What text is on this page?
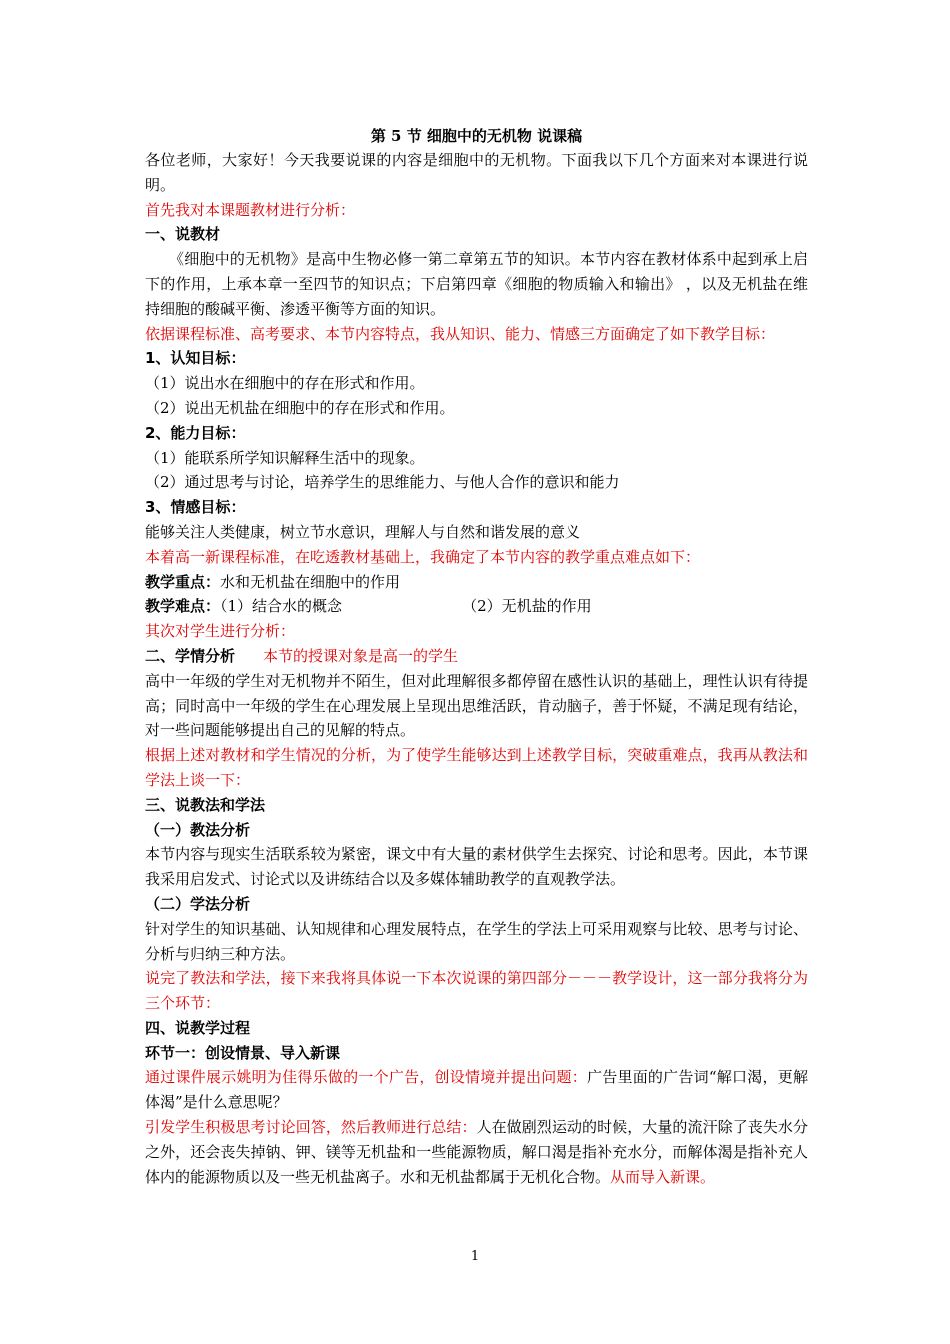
第 5 节 细胞中的无机物 说课稿
各位老师，大家好！今天我要说课的内容是细胞中的无机物。下面我以下几个方面来对本课进行说明。
首先我对本课题教材进行分析：
一、说教材
《细胞中的无机物》是高中生物必修一第二章第五节的知识。本节内容在教材体系中起到承上启下的作用，上承本章一至四节的知识点；下启第四章《细胞的物质输入和输出》 ，以及无机盐在维持细胞的酸碱平衡、渗透平衡等方面的知识。
依据课程标准、高考要求、本节内容特点，我从知识、能力、情感三方面确定了如下教学目标：
1、认知目标：
（1）说出水在细胞中的存在形式和作用。
（2）说出无机盐在细胞中的存在形式和作用。
2、能力目标：
（1）能联系所学知识解释生活中的现象。
（2）通过思考与讨论，培养学生的思维能力、与他人合作的意识和能力
3、情感目标：
能够关注人类健康，树立节水意识，理解人与自然和谐发展的意义
本着高一新课程标准，在吃透教材基础上，我确定了本节内容的教学重点难点如下：
教学重点：水和无机盐在细胞中的作用
教学难点：（1）结合水的概念	（2）无机盐的作用
其次对学生进行分析：
二、学情分析 本节的授课对象是高一的学生
高中一年级的学生对无机物并不陌生，但对此理解很多都停留在感性认识的基础上，理性认识有待提高；同时高中一年级的学生在心理发展上呈现出思维活跃，肯动脑子，善于怀疑，不满足现有结论，对一些问题能够提出自己的见解的特点。
根据上述对教材和学生情况的分析，为了使学生能够达到上述教学目标，突破重难点，我再从教法和学法上谈一下：
三、说教法和学法
（一）教法分析
本节内容与现实生活联系较为紧密，课文中有大量的素材供学生去探究、讨论和思考。因此，本节课我采用启发式、讨论式以及讲练结合以及多媒体辅助教学的直观教学法。
（二）学法分析
针对学生的知识基础、认知规律和心理发展特点，在学生的学法上可采用观察与比较、思考与讨论、分析与归纳三种方法。
说完了教法和学法，接下来我将具体说一下本次说课的第四部分－－－教学设计，这一部分我将分为三个环节：
四、说教学过程
环节一：创设情景、导入新课
通过课件展示姚明为佳得乐做的一个广告，创设情境并提出问题：广告里面的广告词“解口渴，更解体渴”是什么意思呢？
引发学生积极思考讨论回答，然后教师进行总结：人在做剧烈运动的时候，大量的流汗除了丧失水分之外，还会丧失掉钠、钾、镁等无机盐和一些能源物质，解口渴是指补充水分，而解体渴是指补充人体内的能源物质以及一些无机盐离子。水和无机盐都属于无机化合物。从而导入新课。
1
